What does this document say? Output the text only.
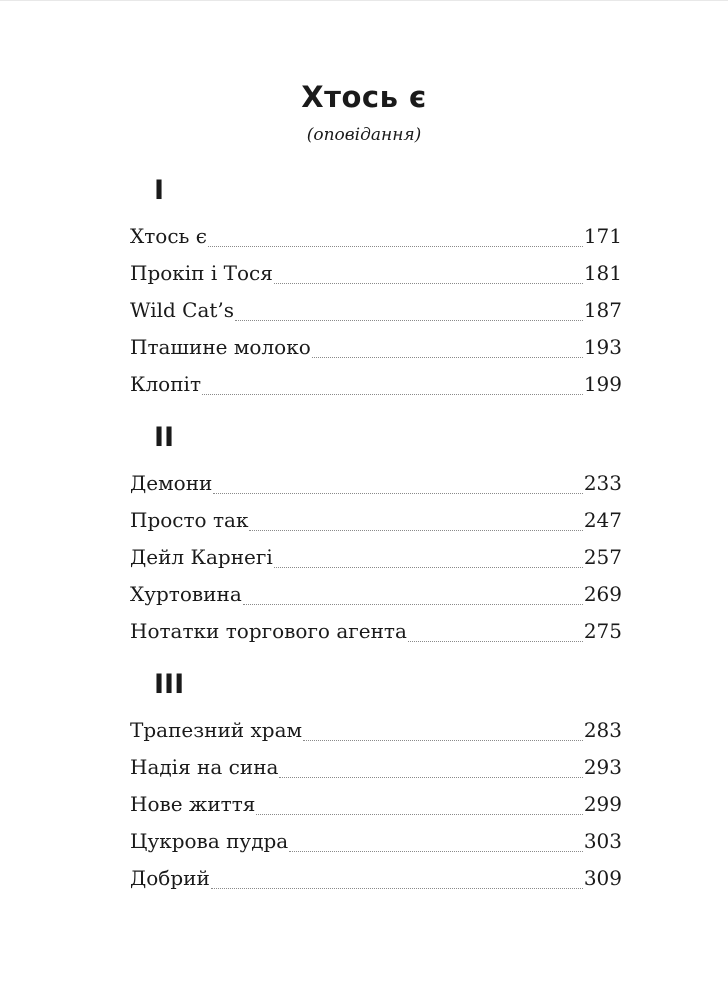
Хтось є
(оповідання)
I
Хтось є	171
Прокіп і Тося	181
Wild Cat’s	187
Пташине молоко	193
Клопіт	199
II
Демони	233
Просто так	247
Дейл Карнегі	257
Хуртовина	269
Нотатки торгового агента	275
III
Трапезний храм	283
Надія на сина	293
Нове життя	299
Цукрова пудра	303
Добрий	309
